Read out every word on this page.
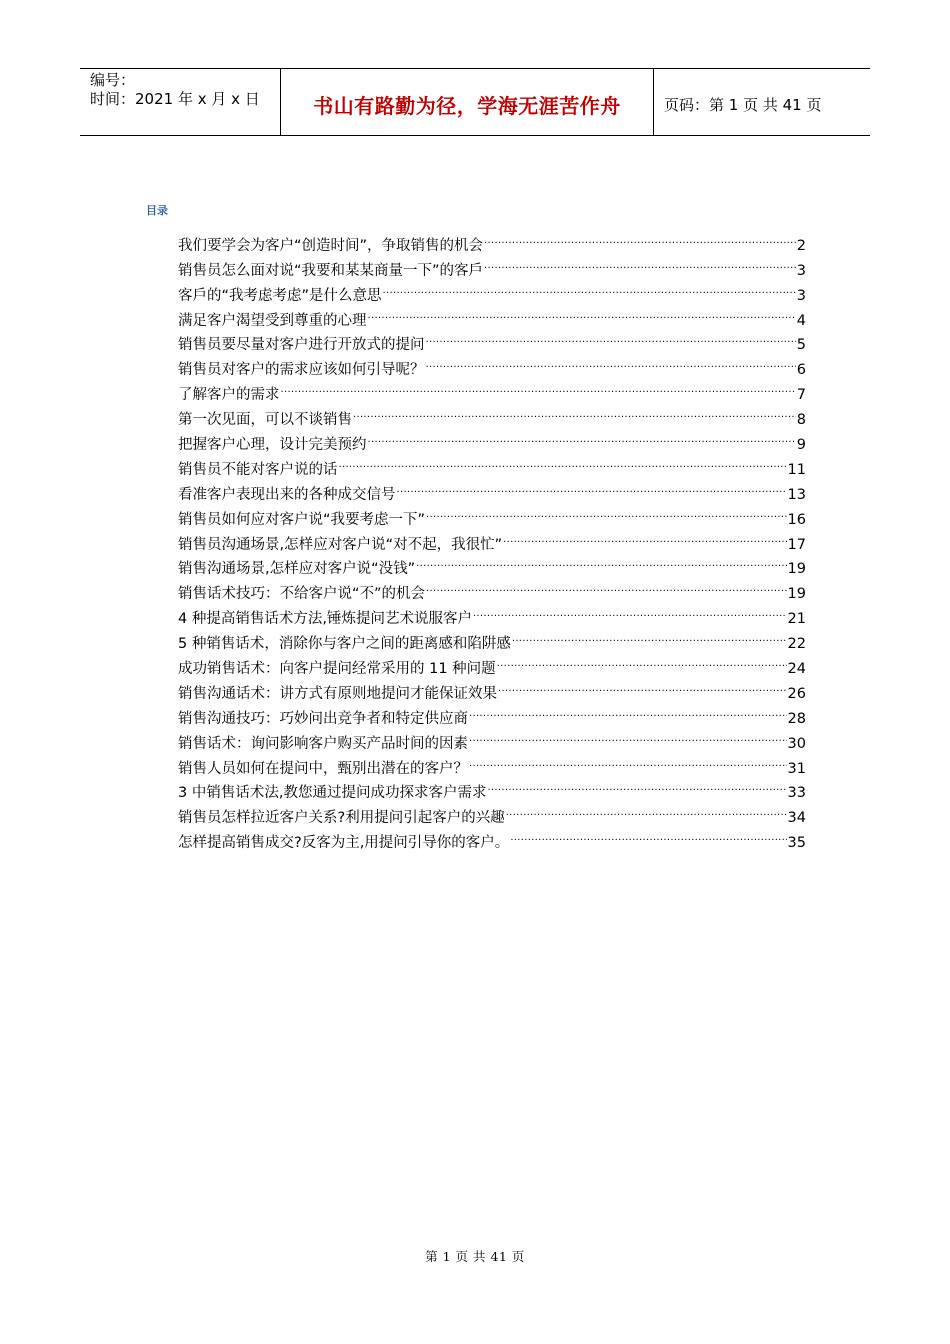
编号：
时间：2021 年 x 月 x 日	书山有路勤为径，学海无涯苦作舟	页码：第 1 页 共 41 页
目录
我们要学会为客户“创造时间”，争取销售的机会 .....	2
销售员怎么面对说“我要和某某商量一下”的客戶 .....	3
客戶的“我考虑考虑”是什么意思 .....	3
满足客户渴望受到尊重的心理 .....	4
销售员要尽量对客户进行开放式的提问 .....	5
销售员对客户的需求应该如何引导呢？ .....	6
了解客户的需求 .....	7
第一次见面，可以不谈销售 .....	8
把握客户心理，设计完美预约 .....	9
销售员不能对客户说的话 .....	11
看准客户表现出来的各种成交信号 .....	13
销售员如何应对客户说“我要考虑一下” .....	16
销售员沟通场景,怎样应对客户说“对不起，我很忙” .....	17
销售沟通场景,怎样应对客户说“没钱” .....	19
销售话术技巧：不给客户说“不”的机会 .....	19
4 种提高销售话术方法,锤炼提问艺术说服客户 .....	21
5 种销售话术，消除你与客户之间的距离感和陷阱感 .....	22
成功销售话术：向客户提问经常采用的 11 种问题 .....	24
销售沟通话术：讲方式有原则地提问才能保证效果 .....	26
销售沟通技巧：巧妙问出竞争者和特定供应商 .....	28
销售话术：询问影响客户购买产品时间的因素 .....	30
销售人员如何在提问中，甄别出潜在的客户？ .....	31
3 中销售话术法,教您通过提问成功探求客户需求 .....	33
销售员怎样拉近客户关系?利用提问引起客户的兴趣 .....	34
怎样提高销售成交?反客为主,用提问引导你的客户。 .....	35
第 1 页 共 41 页
